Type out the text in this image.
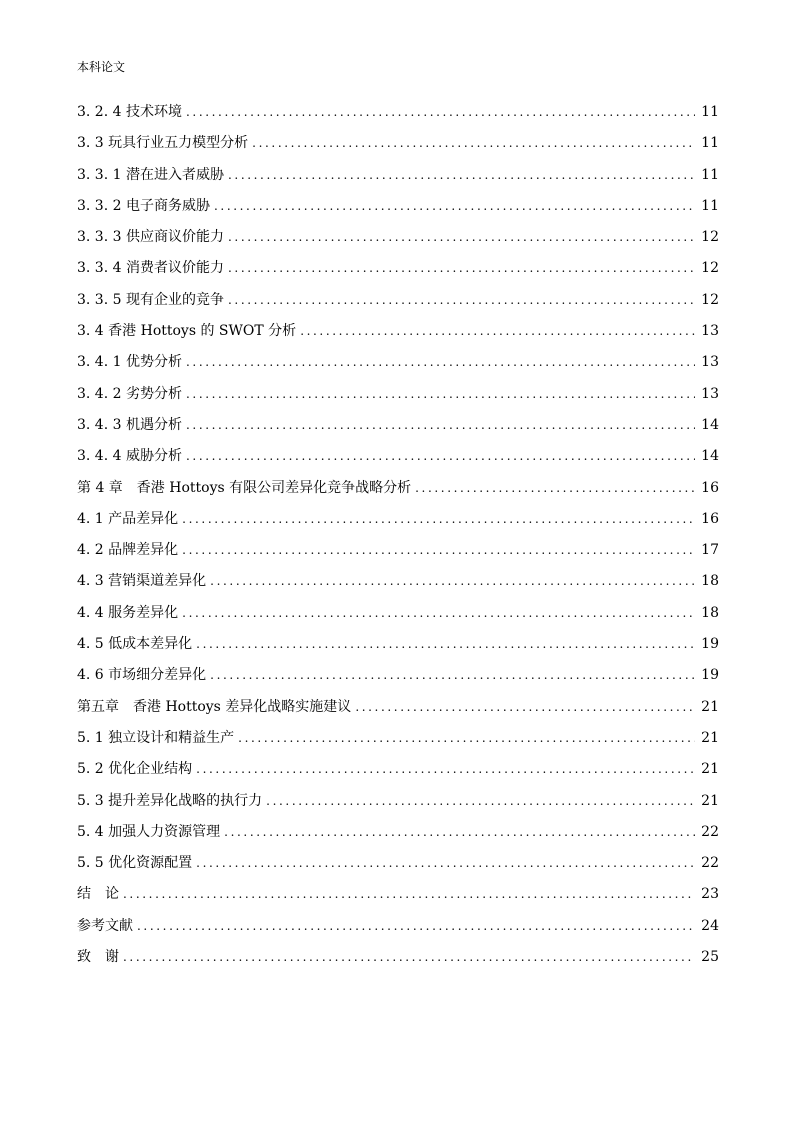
本科论文
3. 2. 4 技术环境 .....	11
3. 3 玩具行业五力模型分析 .....	11
3. 3. 1 潜在进入者威胁 .....	11
3. 3. 2 电子商务威胁 .....	11
3. 3. 3 供应商议价能力 .....	12
3. 3. 4 消费者议价能力 .....	12
3. 3. 5 现有企业的竞争 .....	12
3. 4 香港 Hottoys 的 SWOT 分析 .....	13
3. 4. 1 优势分析 .....	13
3. 4. 2 劣势分析 .....	13
3. 4. 3 机遇分析 .....	14
3. 4. 4 威胁分析 .....	14
第 4 章　香港 Hottoys 有限公司差异化竞争战略分析 .....	16
4. 1 产品差异化 .....	16
4. 2 品牌差异化 .....	17
4. 3 营销渠道差异化 .....	18
4. 4 服务差异化 .....	18
4. 5 低成本差异化 .....	19
4. 6 市场细分差异化 .....	19
第五章　香港 Hottoys 差异化战略实施建议 .....	21
5. 1 独立设计和精益生产 .....	21
5. 2 优化企业结构 .....	21
5. 3 提升差异化战略的执行力 .....	21
5. 4 加强人力资源管理 .....	22
5. 5 优化资源配置 .....	22
结　论 .....	23
参考文献 .....	24
致　谢 .....	25
